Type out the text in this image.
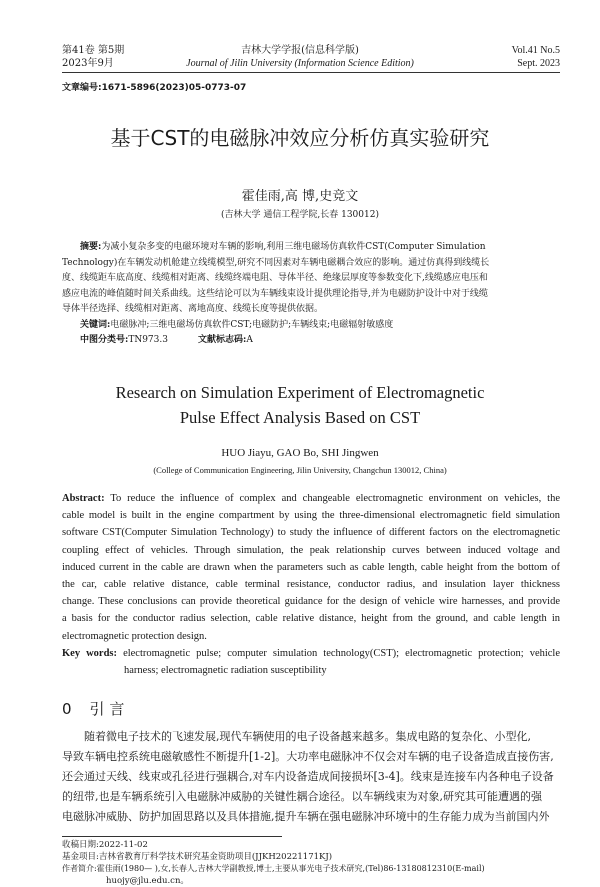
第41卷 第5期
2023年9月
吉林大学学报(信息科学版)
Journal of Jilin University (Information Science Edition)
Vol.41 No.5
Sept. 2023
文章编号:1671-5896(2023)05-0773-07
基于CST的电磁脉冲效应分析仿真实验研究
霍佳雨,高 博,史竞文
(吉林大学 通信工程学院,长春 130012)
摘要:为减小复杂多变的电磁环境对车辆的影响,利用三维电磁场仿真软件CST(Computer Simulation
Technology)在车辆发动机舱建立线缆模型,研究不同因素对车辆电磁耦合效应的影响。通过仿真得到线缆长
度、线缆距车底高度、线缆相对距离、线缆终端电阻、导体半径、绝缘层厚度等参数变化下,线缆感应电压和
感应电流的峰值随时间关系曲线。这些结论可以为车辆线束设计提供理论指导,并为电磁防护设计中对于线缆
导体半径选择、线缆相对距离、离地高度、线缆长度等提供依据。
关键词:电磁脉冲;三维电磁场仿真软件CST;电磁防护;车辆线束;电磁辐射敏感度
中图分类号:TN973.3	文献标志码:A
Research on Simulation Experiment of Electromagnetic
Pulse Effect Analysis Based on CST
HUO Jiayu, GAO Bo, SHI Jingwen
(College of Communication Engineering, Jilin University, Changchun 130012, China)
Abstract: To reduce the influence of complex and changeable electromagnetic environment on vehicles, the
cable model is built in the engine compartment by using the three-dimensional electromagnetic field simulation
software CST(Computer Simulation Technology) to study the influence of different factors on the electromagnetic
coupling effect of vehicles. Through simulation, the peak relationship curves between induced voltage and
induced current in the cable are drawn when the parameters such as cable length, cable height from the bottom of
the car, cable relative distance, cable terminal resistance, conductor radius, and insulation layer thickness
change. These conclusions can provide theoretical guidance for the design of vehicle wire harnesses, and provide
a basis for the conductor radius selection, cable relative distance, height from the ground, and cable length in
electromagnetic protection design.
Key words: electromagnetic pulse; computer simulation technology(CST); electromagnetic protection; vehicle
harness; electromagnetic radiation susceptibility
0 引 言
随着微电子技术的飞速发展,现代车辆使用的电子设备越来越多。集成电路的复杂化、小型化,
导致车辆电控系统电磁敏感性不断提升[1-2]。大功率电磁脉冲不仅会对车辆的电子设备造成直接伤害,
还会通过天线、线束或孔径进行强耦合,对车内设备造成间接损坏[3-4]。线束是连接车内各种电子设备
的纽带,也是车辆系统引入电磁脉冲威胁的关键性耦合途径。以车辆线束为对象,研究其可能遭遇的强
电磁脉冲威胁、防护加固思路以及具体措施,提升车辆在强电磁脉冲环境中的生存能力成为当前国内外
收稿日期:2022-11-02
基金项目:吉林省教育厅科学技术研究基金资助项目(JJKH20221171KJ)
作者简介:霍佳雨(1980— ),女,长春人,吉林大学副教授,博士,主要从事光电子技术研究,(Tel)86-13180812310(E-mail)
huojy@jlu.edu.cn。
